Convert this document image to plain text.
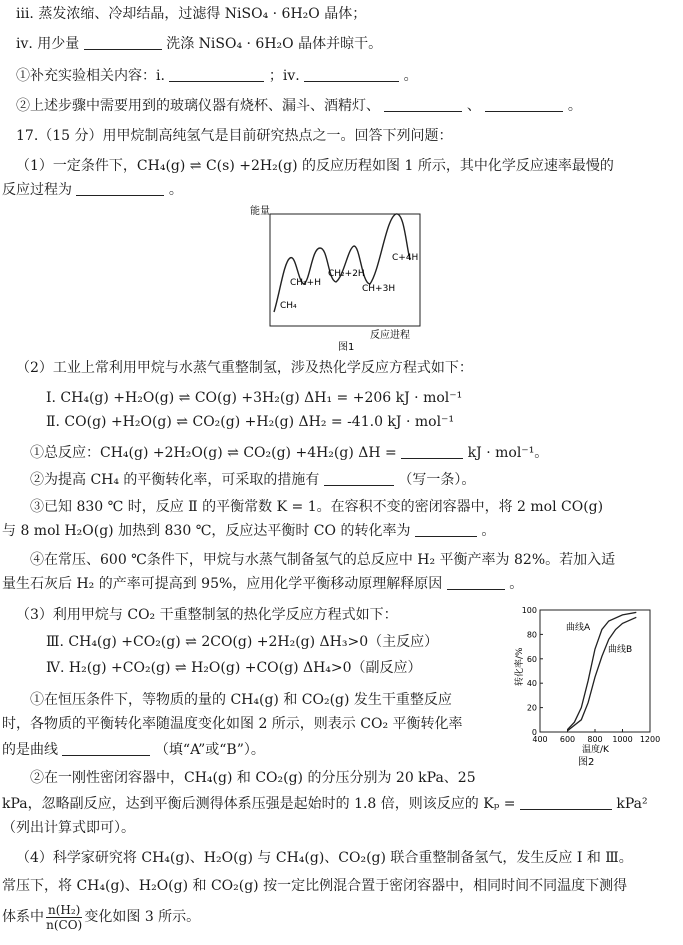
ⅲ. 蒸发浓缩、冷却结晶，过滤得 NiSO₄ · 6H₂O 晶体；
ⅳ. 用少量	洗涤 NiSO₄ · 6H₂O 晶体并晾干。
①补充实验相关内容：ⅰ.	；ⅳ.	。
②上述步骤中需要用到的玻璃仪器有烧杯、漏斗、酒精灯、	、	。
17.（15 分）用甲烷制高纯氢气是目前研究热点之一。回答下列问题：
（1）一定条件下，CH₄(g) ⇌ C(s) +2H₂(g) 的反应历程如图 1 所示，其中化学反应速率最慢的
反应过程为	。
能量
CH₄
CH₃+H
CH₂+2H
CH+3H
C+4H
反应进程
图1
（2）工业上常利用甲烷与水蒸气重整制氢，涉及热化学反应方程式如下：
Ⅰ. CH₄(g) +H₂O(g) ⇌ CO(g) +3H₂(g) ΔH₁ = +206 kJ · mol⁻¹
Ⅱ. CO(g) +H₂O(g) ⇌ CO₂(g) +H₂(g) ΔH₂ = -41.0 kJ · mol⁻¹
①总反应：CH₄(g) +2H₂O(g) ⇌ CO₂(g) +4H₂(g) ΔH =	kJ · mol⁻¹。
②为提高 CH₄ 的平衡转化率，可采取的措施有	（写一条）。
③已知 830 ℃ 时，反应 Ⅱ 的平衡常数 K = 1。在容积不变的密闭容器中，将 2 mol CO(g)
与 8 mol H₂O(g) 加热到 830 ℃，反应达平衡时 CO 的转化率为	。
④在常压、600 ℃条件下，甲烷与水蒸气制备氢气的总反应中 H₂ 平衡产率为 82%。若加入适
量生石灰后 H₂ 的产率可提高到 95%，应用化学平衡移动原理解释原因	。
（3）利用甲烷与 CO₂ 干重整制氢的热化学反应方程式如下：
Ⅲ. CH₄(g) +CO₂(g) ⇌ 2CO(g) +2H₂(g) ΔH₃>0（主反应）
Ⅳ. H₂(g) +CO₂(g) ⇌ H₂O(g) +CO(g) ΔH₄>0（副反应）
①在恒压条件下，等物质的量的 CH₄(g) 和 CO₂(g) 发生干重整反应
时，各物质的平衡转化率随温度变化如图 2 所示，则表示 CO₂ 平衡转化率
的是曲线	（填“A”或“B”）。
400 600 800 1000 1200
0
20
40
60
80
100
转化率/%
温度/K
图2
曲线A
曲线B
②在一刚性密闭容器中，CH₄(g) 和 CO₂(g) 的分压分别为 20 kPa、25
kPa，忽略副反应，达到平衡后测得体系压强是起始时的 1.8 倍，则该反应的 Kₚ =	kPa²
（列出计算式即可）。
（4）科学家研究将 CH₄(g)、H₂O(g) 与 CH₄(g)、CO₂(g) 联合重整制备氢气，发生反应 Ⅰ 和 Ⅲ。
常压下，将 CH₄(g)、H₂O(g) 和 CO₂(g) 按一定比例混合置于密闭容器中，相同时间不同温度下测得
体系中 $\frac{\text{n(H₂)}}{n(CO)}$ 变化如图 3 所示。
